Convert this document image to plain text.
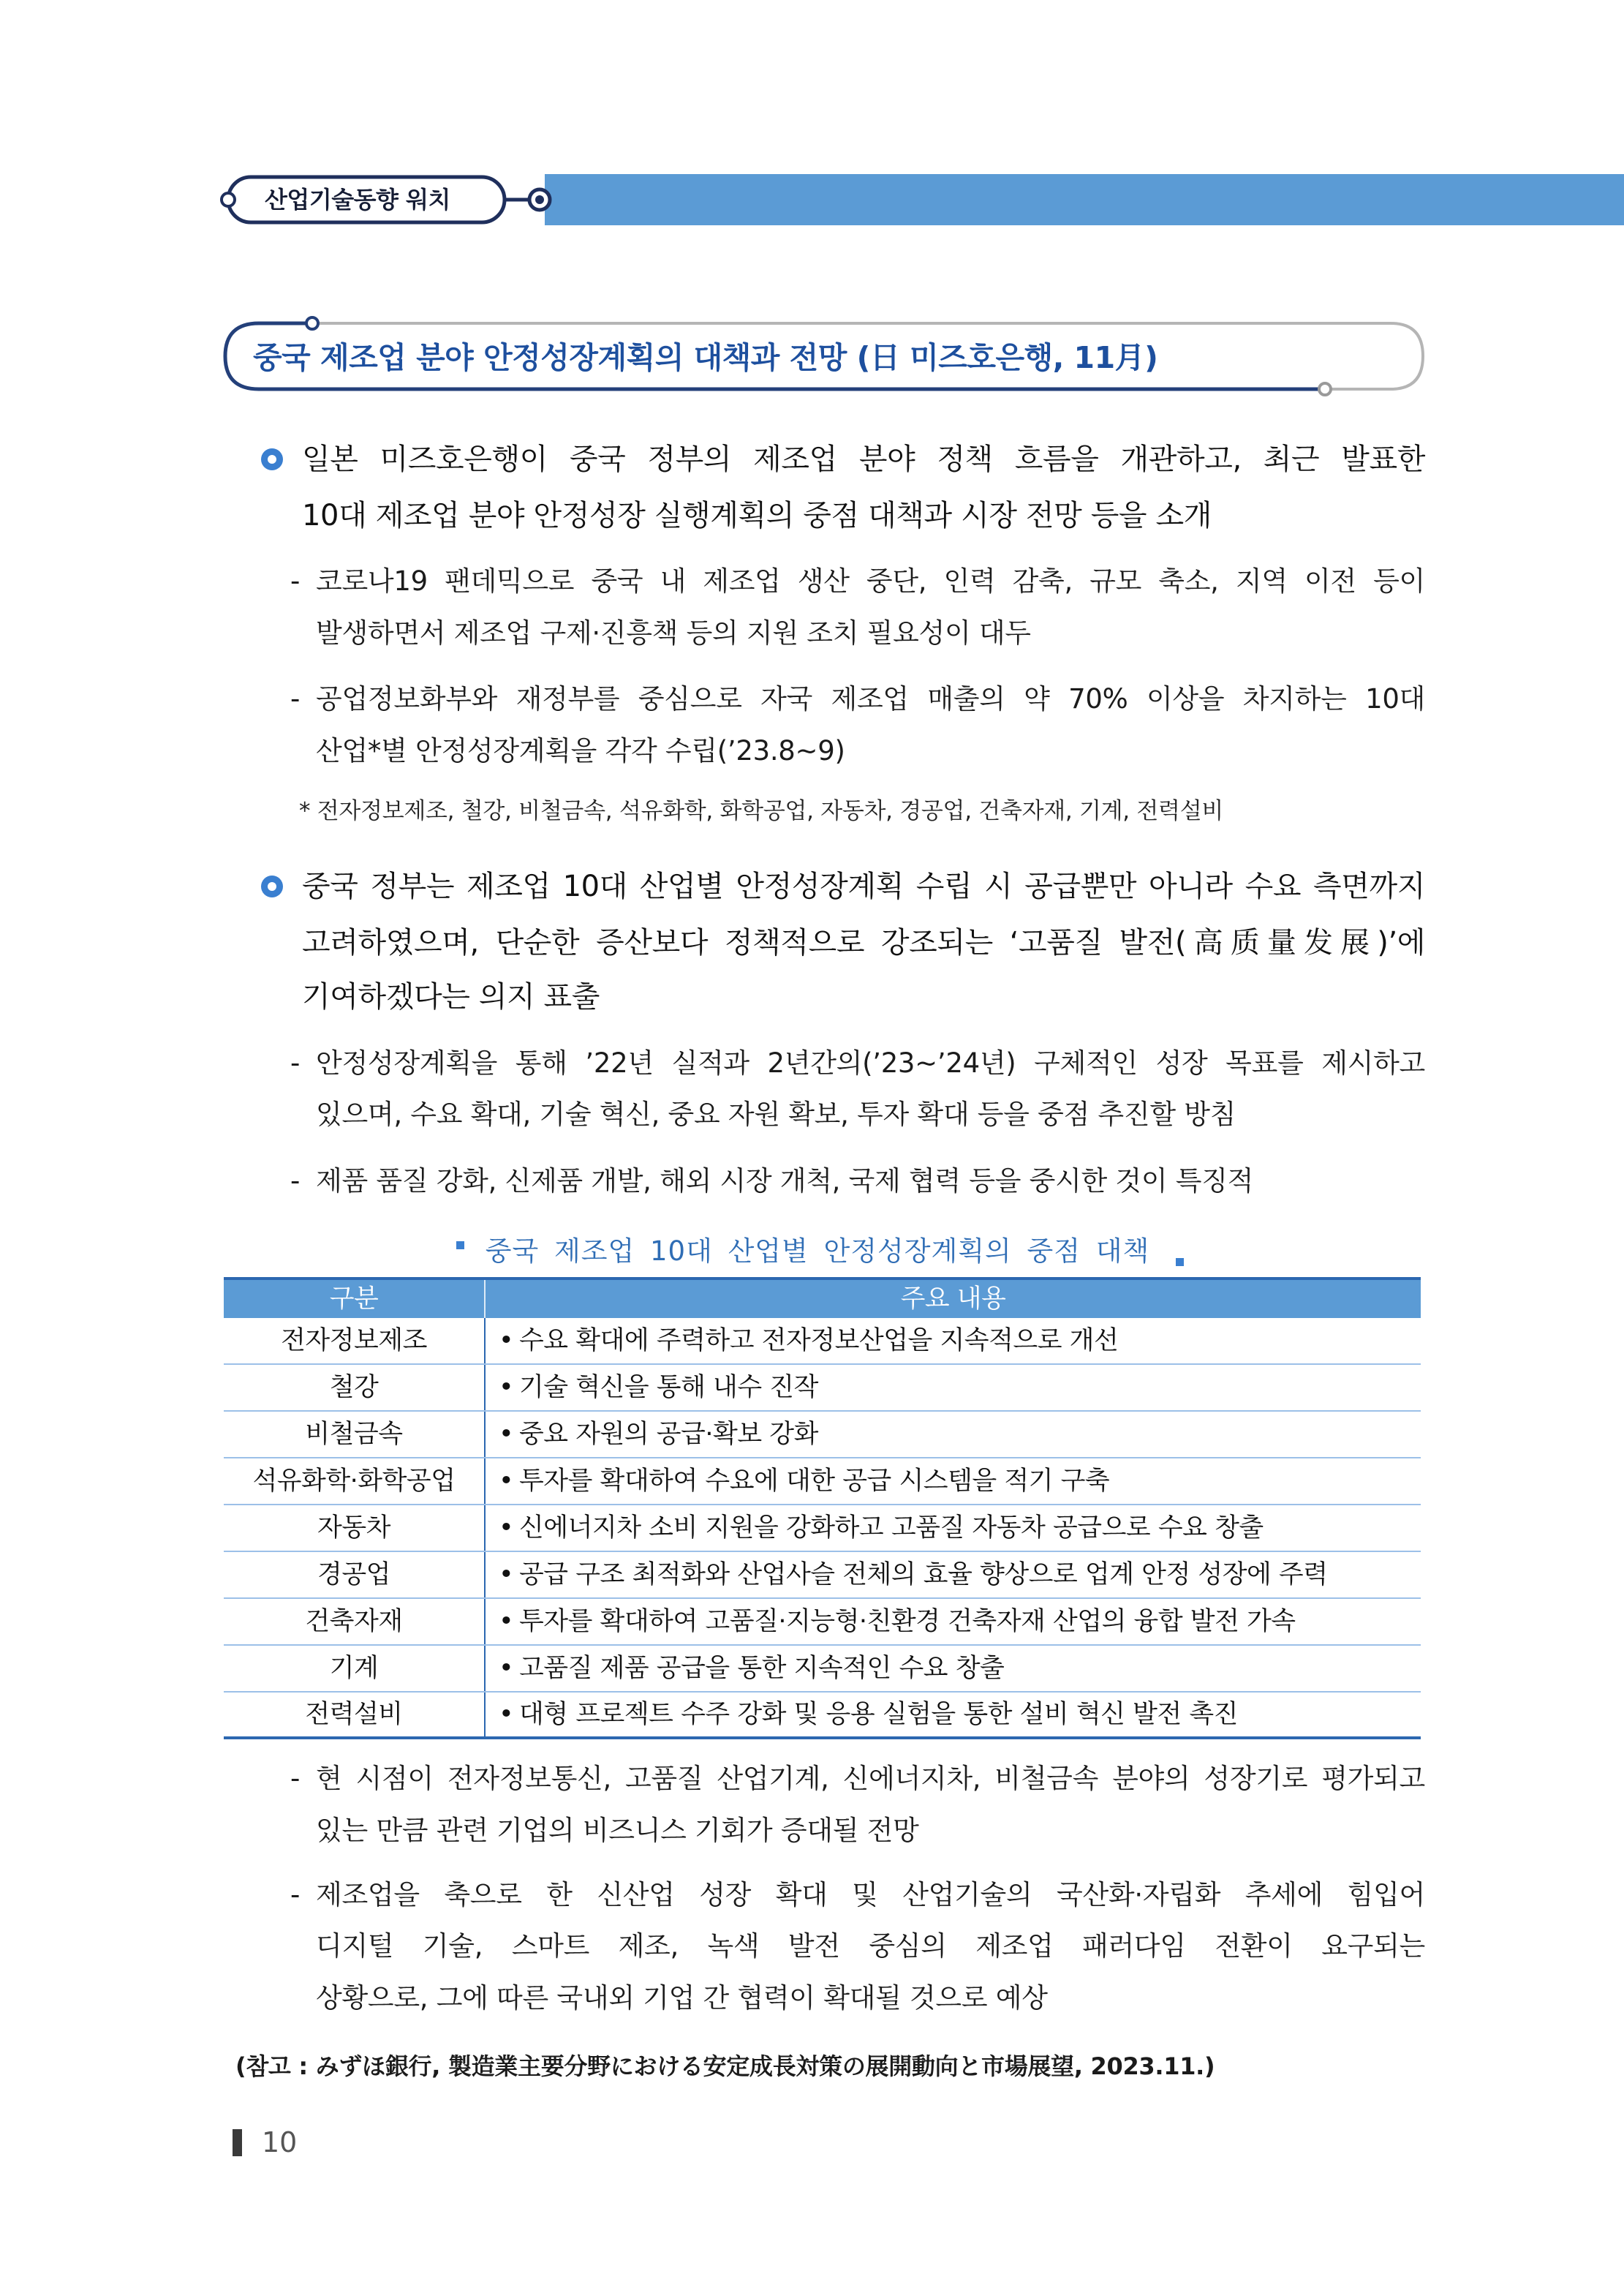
산업기술동향 워치
중국 제조업 분야 안정성장계획의 대책과 전망 (日 미즈호은행, 11月)
일본 미즈호은행이 중국 정부의 제조업 분야 정책 흐름을 개관하고, 최근 발표한
10대 제조업 분야 안정성장 실행계획의 중점 대책과 시장 전망 등을 소개
- 코로나19 팬데믹으로 중국 내 제조업 생산 중단, 인력 감축, 규모 축소, 지역 이전 등이
발생하면서 제조업 구제·진흥책 등의 지원 조치 필요성이 대두
- 공업정보화부와 재정부를 중심으로 자국 제조업 매출의 약 70% 이상을 차지하는 10대
산업*별 안정성장계획을 각각 수립(’23.8~9)
* 전자정보제조, 철강, 비철금속, 석유화학, 화학공업, 자동차, 경공업, 건축자재, 기계, 전력설비
중국 정부는 제조업 10대 산업별 안정성장계획 수립 시 공급뿐만 아니라 수요 측면까지
고려하였으며, 단순한 증산보다 정책적으로 강조되는 ‘고품질 발전(高质量发展)’에
기여하겠다는 의지 표출
- 안정성장계획을 통해 ’22년 실적과 2년간의(’23~’24년) 구체적인 성장 목표를 제시하고
있으며, 수요 확대, 기술 혁신, 중요 자원 확보, 투자 확대 등을 중점 추진할 방침
- 제품 품질 강화, 신제품 개발, 해외 시장 개척, 국제 협력 등을 중시한 것이 특징적
중국 제조업 10대 산업별 안정성장계획의 중점 대책
구분	주요 내용
전자정보제조	• 수요 확대에 주력하고 전자정보산업을 지속적으로 개선
철강	• 기술 혁신을 통해 내수 진작
비철금속	• 중요 자원의 공급·확보 강화
석유화학·화학공업	• 투자를 확대하여 수요에 대한 공급 시스템을 적기 구축
자동차	• 신에너지차 소비 지원을 강화하고 고품질 자동차 공급으로 수요 창출
경공업	• 공급 구조 최적화와 산업사슬 전체의 효율 향상으로 업계 안정 성장에 주력
건축자재	• 투자를 확대하여 고품질·지능형·친환경 건축자재 산업의 융합 발전 가속
기계	• 고품질 제품 공급을 통한 지속적인 수요 창출
전력설비	• 대형 프로젝트 수주 강화 및 응용 실험을 통한 설비 혁신 발전 촉진
- 현 시점이 전자정보통신, 고품질 산업기계, 신에너지차, 비철금속 분야의 성장기로 평가되고
있는 만큼 관련 기업의 비즈니스 기회가 증대될 전망
- 제조업을 축으로 한 신산업 성장 확대 및 산업기술의 국산화·자립화 추세에 힘입어
디지털 기술, 스마트 제조, 녹색 발전 중심의 제조업 패러다임 전환이 요구되는
상황으로, 그에 따른 국내외 기업 간 협력이 확대될 것으로 예상
(참고 : みずほ銀行, 製造業主要分野における安定成長対策の展開動向と市場展望, 2023.11.)
10
